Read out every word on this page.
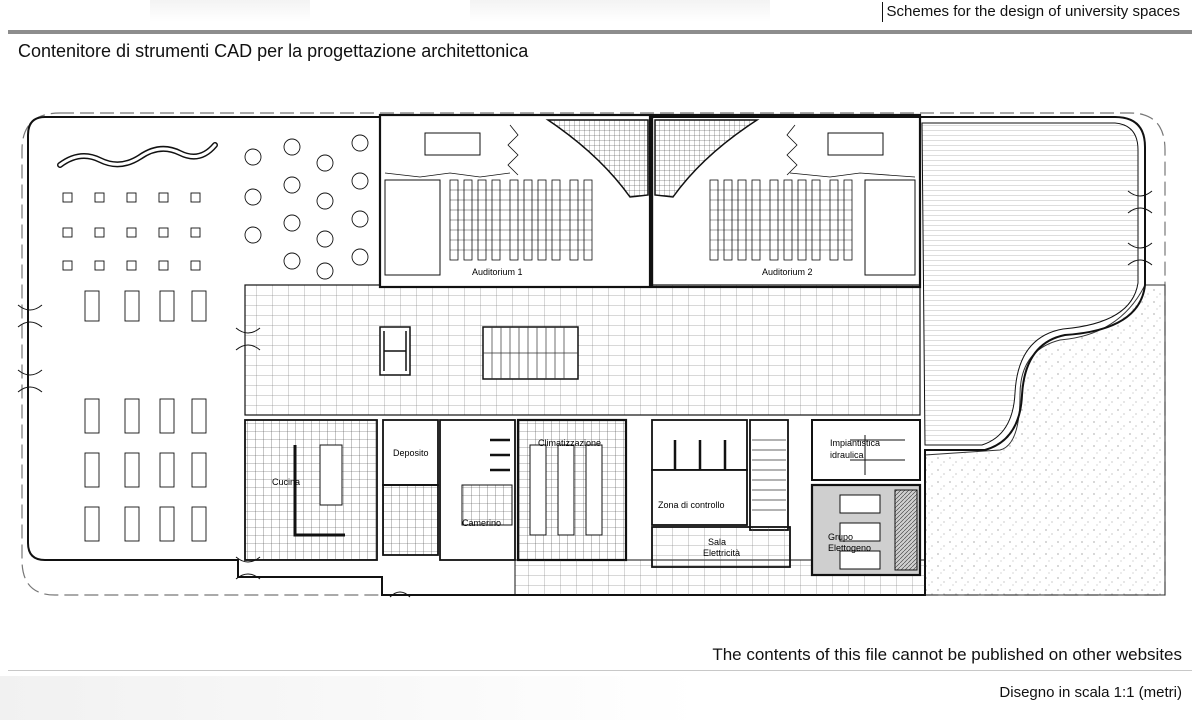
Schemes for the design of university spaces
Contenitore di strumenti CAD per la progettazione architettonica
Auditorium 1	Auditorium 2
Cucina
Deposito
Camerino
Climatizzazione
Zona di controllo
Sala
Elettricità
Impiantistica
idraulica
Grupo
Elettogeno
The contents of this file cannot be published on other websites
Disegno in scala 1:1 (metri)
